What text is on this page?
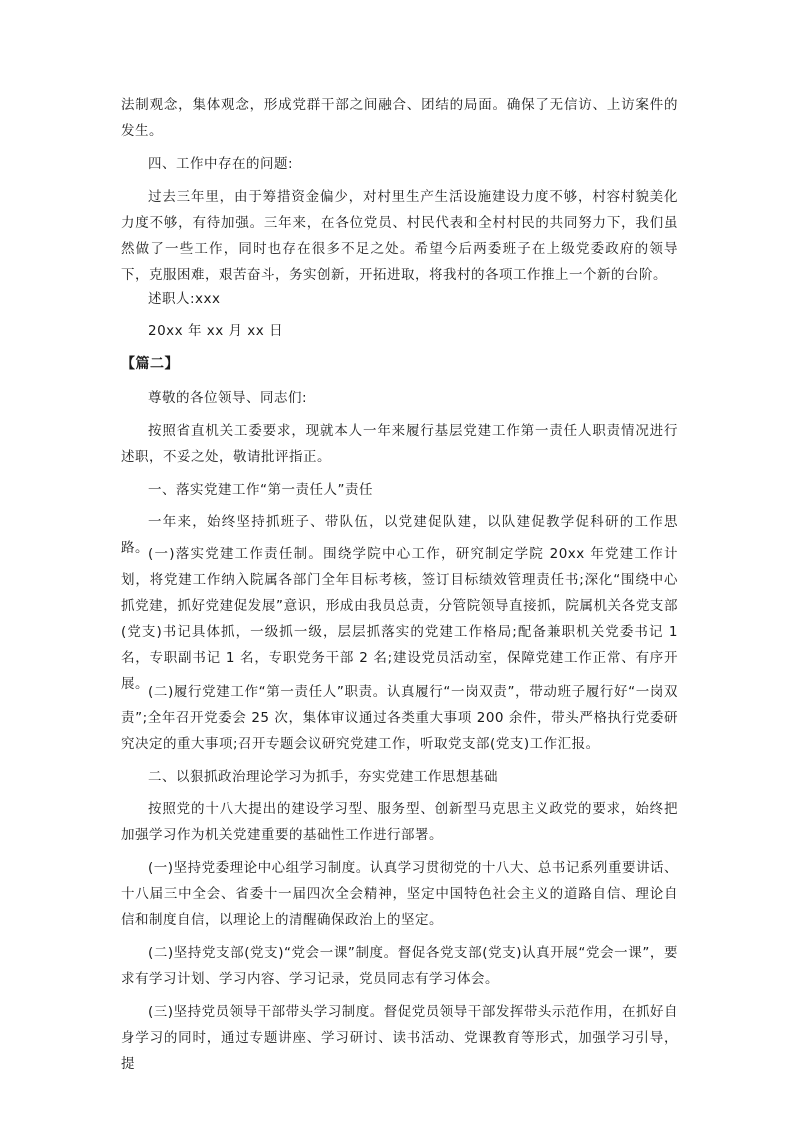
法制观念，集体观念，形成党群干部之间融合、团结的局面。确保了无信访、上访案件的发生。

四、工作中存在的问题:

过去三年里，由于筹措资金偏少，对村里生产生活设施建设力度不够，村容村貌美化力度不够，有待加强。三年来，在各位党员、村民代表和全村村民的共同努力下，我们虽然做了一些工作，同时也存在很多不足之处。希望今后两委班子在上级党委政府的领导下，克服困难，艰苦奋斗，务实创新，开拓进取，将我村的各项工作推上一个新的台阶。

述职人:xxx

20xx 年 xx 月 xx 日

【篇二】

尊敬的各位领导、同志们:

按照省直机关工委要求，现就本人一年来履行基层党建工作第一责任人职责情况进行述职，不妥之处，敬请批评指正。

一、落实党建工作“第一责任人”责任

一年来，始终坚持抓班子、带队伍，以党建促队建，以队建促教学促科研的工作思路。 (一)落实党建工作责任制。围绕学院中心工作，研究制定学院 20xx 年党建工作计划，将党建工作纳入院属各部门全年目标考核，签订目标绩效管理责任书;深化“围绕中心抓党建，抓好党建促发展”意识，形成由我员总责，分管院领导直接抓，院属机关各党支部(党支)书记具体抓，一级抓一级，层层抓落实的党建工作格局;配备兼职机关党委书记 1 名，专职副书记 1 名，专职党务干部 2 名;建设党员活动室，保障党建工作正常、有序开展。 (二)履行党建工作“第一责任人”职责。认真履行“一岗双责”，带动班子履行好“一岗双责”;全年召开党委会 25 次，集体审议通过各类重大事项 200 余件，带头严格执行党委研究决定的重大事项;召开专题会议研究党建工作，听取党支部(党支)工作汇报。

二、以狠抓政治理论学习为抓手，夯实党建工作思想基础

按照党的十八大提出的建设学习型、服务型、创新型马克思主义政党的要求，始终把加强学习作为机关党建重要的基础性工作进行部署。

(一)坚持党委理论中心组学习制度。认真学习贯彻党的十八大、总书记系列重要讲话、十八届三中全会、省委十一届四次全会精神，坚定中国特色社会主义的道路自信、理论自信和制度自信，以理论上的清醒确保政治上的坚定。

(二)坚持党支部(党支)“党会一课”制度。督促各党支部(党支)认真开展“党会一课”，要求有学习计划、学习内容、学习记录，党员同志有学习体会。

(三)坚持党员领导干部带头学习制度。督促党员领导干部发挥带头示范作用，在抓好自身学习的同时，通过专题讲座、学习研讨、读书活动、党课教育等形式，加强学习引导，提
